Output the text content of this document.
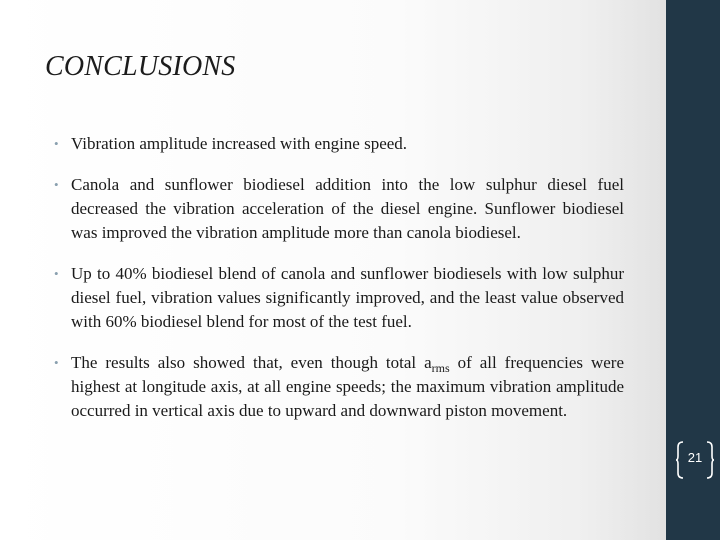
CONCLUSIONS
• Vibration amplitude increased with engine speed.
• Canola and sunflower biodiesel addition into the low sulphur diesel fuel decreased the vibration acceleration of the diesel engine. Sunflower biodiesel was improved the vibration amplitude more than canola biodiesel.
• Up to 40% biodiesel blend of canola and sunflower biodiesels with low sulphur diesel fuel, vibration values significantly improved, and the least value observed with 60% biodiesel blend for most of the test fuel.
• The results also showed that, even though total $a_{rms}$ of all frequencies were highest at longitude axis, at all engine speeds; the maximum vibration amplitude occurred in vertical axis due to upward and downward piston movement.
21
